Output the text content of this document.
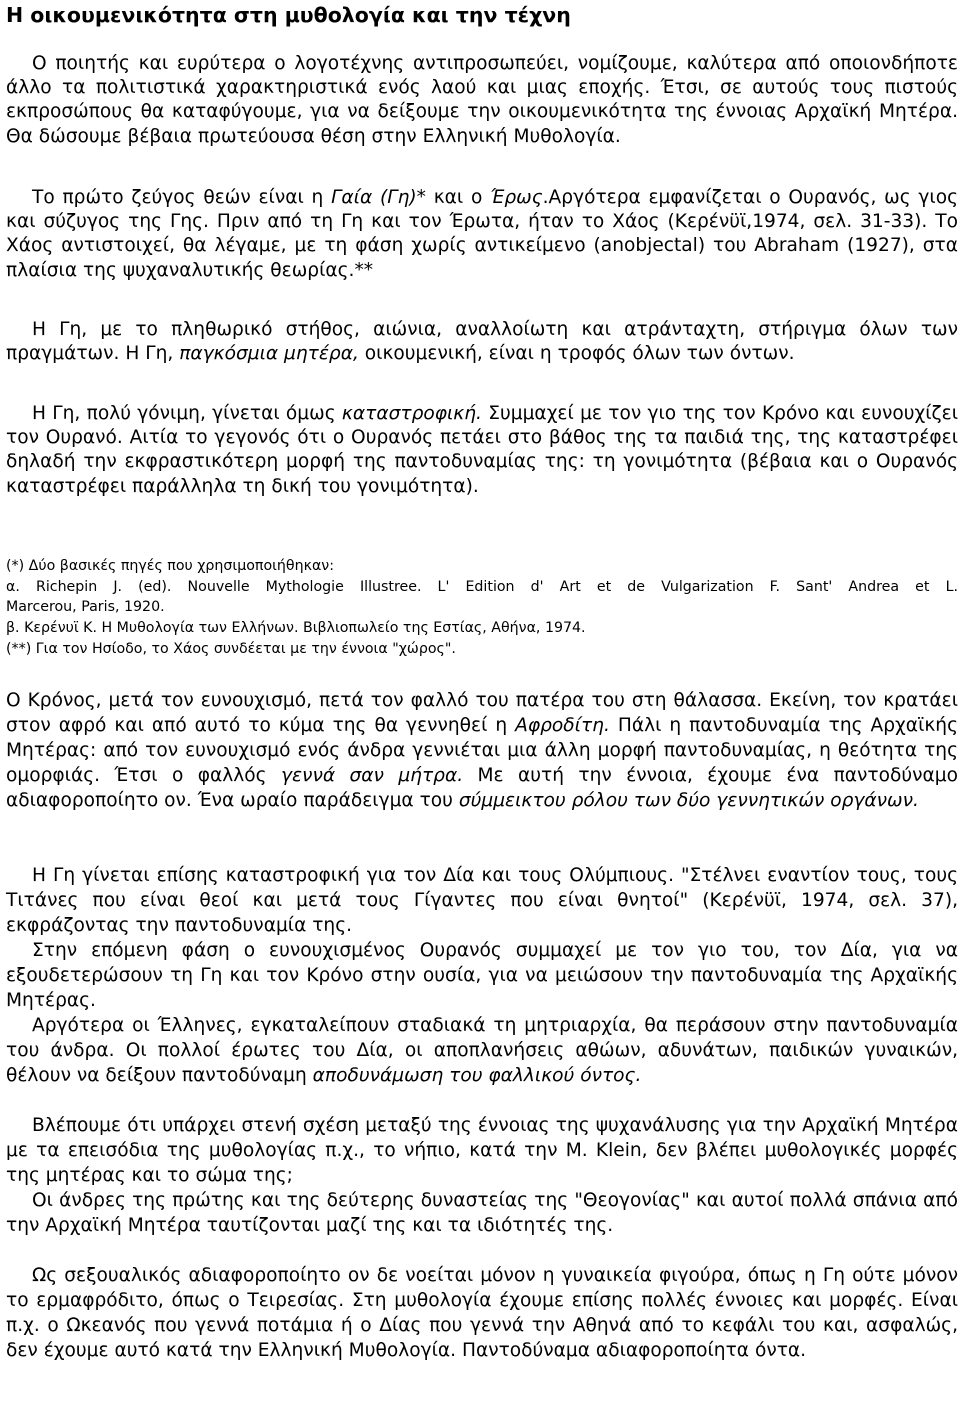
Η οικουμενικότητα στη μυθολογία και την τέχνη
Ο ποιητής και ευρύτερα ο λογοτέχνης αντιπροσωπεύει, νομίζουμε, καλύτερα από οποιονδήποτε άλλο τα πολιτιστικά χαρακτηριστικά ενός λαού και μιας εποχής. Έτσι, σε αυτούς τους πιστούς εκπροσώπους θα καταφύγουμε, για να δείξουμε την οικουμενικότητα της έννοιας Αρχαϊκή Μητέρα. Θα δώσουμε βέβαια πρωτεύουσα θέση στην Ελληνική Μυθολογία.
Το πρώτο ζεύγος θεών είναι η Γαία (Γη)* και ο Έρως.Αργότερα εμφανίζεται ο Ουρανός, ως γιος και σύζυγος της Γης. Πριν από τη Γη και τον Έρωτα, ήταν το Χάος (Κερένϋϊ,1974, σελ. 31-33). Το Χάος αντιστοιχεί, θα λέγαμε, με τη φάση χωρίς αντικείμενο (anobjectal) του Abraham (1927), στα πλαίσια της ψυχαναλυτικής θεωρίας.**
Η Γη, με το πληθωρικό στήθος, αιώνια, αναλλοίωτη και ατράνταχτη, στήριγμα όλων των πραγμάτων. Η Γη, παγκόσμια μητέρα, οικουμενική, είναι η τροφός όλων των όντων.
Η Γη, πολύ γόνιμη, γίνεται όμως καταστροφική. Συμμαχεί με τον γιο της τον Κρόνο και ευνουχίζει τον Ουρανό. Αιτία το γεγονός ότι ο Ουρανός πετάει στο βάθος της τα παιδιά της, της καταστρέφει δηλαδή την εκφραστικότερη μορφή της παντοδυναμίας της: τη γονιμότητα (βέβαια και ο Ουρανός καταστρέφει παράλληλα τη δική του γονιμότητα).
(*) Δύο βασικές πηγές που χρησιμοποιήθηκαν:
α. Richepin J. (ed). Nouvelle Mythologie Illustree. L' Edition d' Art et de Vulgarization F. Sant' Andrea et L.
Marcerou, Paris, 1920.
β. Κερένυϊ Κ. Η Μυθολογία των Ελλήνων. Βιβλιοπωλείο της Εστίας, Αθήνα, 1974.
(**) Για τον Ησίοδο, το Χάος συνδέεται με την έννοια "χώρος".
Ο Κρόνος, μετά τον ευνουχισμό, πετά τον φαλλό του πατέρα του στη θάλασσα. Εκείνη, τον κρατάει στον αφρό και από αυτό το κύμα της θα γεννηθεί η Αφροδίτη. Πάλι η παντοδυναμία της Αρχαϊκής Μητέρας: από τον ευνουχισμό ενός άνδρα γεννιέται μια άλλη μορφή παντοδυναμίας, η θεότητα της ομορφιάς. Έτσι ο φαλλός γεννά σαν μήτρα. Με αυτή την έννοια, έχουμε ένα παντοδύναμο αδιαφοροποίητο ον. Ένα ωραίο παράδειγμα του σύμμεικτου ρόλου των δύο γεννητικών οργάνων.
Η Γη γίνεται επίσης καταστροφική για τον Δία και τους Ολύμπιους. "Στέλνει εναντίον τους, τους Τιτάνες που είναι θεοί και μετά τους Γίγαντες που είναι θνητοί" (Κερένϋϊ, 1974, σελ. 37), εκφράζοντας την παντοδυναμία της.
Στην επόμενη φάση ο ευνουχισμένος Ουρανός συμμαχεί με τον γιο του, τον Δία, για να εξουδετερώσουν τη Γη και τον Κρόνο στην ουσία, για να μειώσουν την παντοδυναμία της Αρχαϊκής Μητέρας.
Αργότερα οι Έλληνες, εγκαταλείπουν σταδιακά τη μητριαρχία, θα περάσουν στην παντοδυναμία του άνδρα. Οι πολλοί έρωτες του Δία, οι αποπλανήσεις αθώων, αδυνάτων, παιδικών γυναικών, θέλουν να δείξουν παντοδύναμη αποδυνάμωση του φαλλικού όντος.
Βλέπουμε ότι υπάρχει στενή σχέση μεταξύ της έννοιας της ψυχανάλυσης για την Αρχαϊκή Μητέρα με τα επεισόδια της μυθολογίας π.χ., το νήπιο, κατά την Μ. Klein, δεν βλέπει μυθολογικές μορφές της μητέρας και το σώμα της;
Οι άνδρες της πρώτης και της δεύτερης δυναστείας της "Θεογονίας" και αυτοί πολλά σπάνια από την Αρχαϊκή Μητέρα ταυτίζονται μαζί της και τα ιδιότητές της.
Ως σεξουαλικός αδιαφοροποίητο ον δε νοείται μόνον η γυναικεία φιγούρα, όπως η Γη ούτε μόνον το ερμαφρόδιτο, όπως ο Τειρεσίας. Στη μυθολογία έχουμε επίσης πολλές έννοιες και μορφές. Είναι π.χ. ο Ωκεανός που γεννά ποτάμια ή ο Δίας που γεννά την Αθηνά από το κεφάλι του και, ασφαλώς, δεν έχουμε αυτό κατά την Ελληνική Μυθολογία. Παντοδύναμα αδιαφοροποίητα όντα.
